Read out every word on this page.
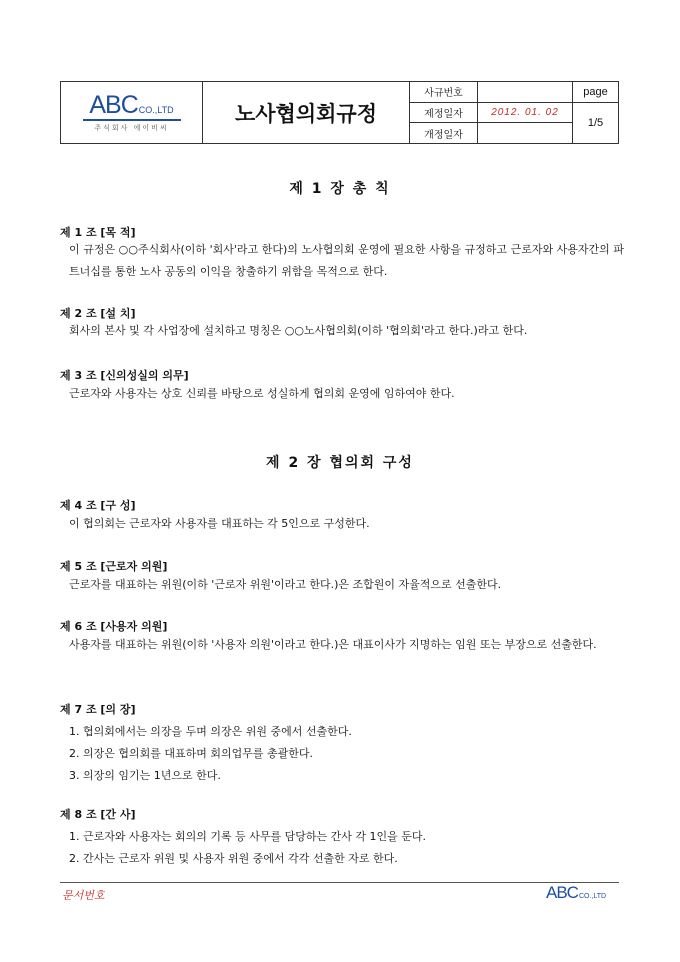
ABC CO.,LTD
주식회사 에이비씨
노사협의회규정
사규번호
제정일자	2012. 01. 02
개정일자
page
1/5
제 1 장 총 칙
제 1 조 [목 적]
이 규정은 ○○주식회사(이하 '회사'라고 한다)의 노사협의회 운영에 필요한 사항을 규정하고 근로자와 사용자간의 파트너십를 통한 노사 공동의 이익을 창출하기 위함을 목적으로 한다.
제 2 조 [설 치]
회사의 본사 및 각 사업장에 설치하고 명칭은 ○○노사협의회(이하 '협의회'라고 한다.)라고 한다.
제 3 조 [신의성실의 의무]
근로자와 사용자는 상호 신뢰를 바탕으로 성실하게 협의회 운영에 임하여야 한다.
제 2 장 협의회 구성
제 4 조 [구 성]
이 협의회는 근로자와 사용자를 대표하는 각 5인으로 구성한다.
제 5 조 [근로자 의원]
근로자를 대표하는 위원(이하 '근로자 위원'이라고 한다.)은 조합원이 자율적으로 선출한다.
제 6 조 [사용자 의원]
사용자를 대표하는 위원(이하 '사용자 의원'이라고 한다.)은 대표이사가 지명하는 임원 또는 부장으로 선출한다.
제 7 조 [의 장]
1. 협의회에서는 의장을 두며 의장은 위원 중에서 선출한다.
2. 의장은 협의회를 대표하며 회의업무를 총괄한다.
3. 의장의 임기는 1년으로 한다.
제 8 조 [간 사]
1. 근로자와 사용자는 회의의 기록 등 사무를 담당하는 간사 각 1인을 둔다.
2. 간사는 근로자 위원 및 사용자 위원 중에서 각각 선출한 자로 한다.
문서번호	ABC CO.,LTD
